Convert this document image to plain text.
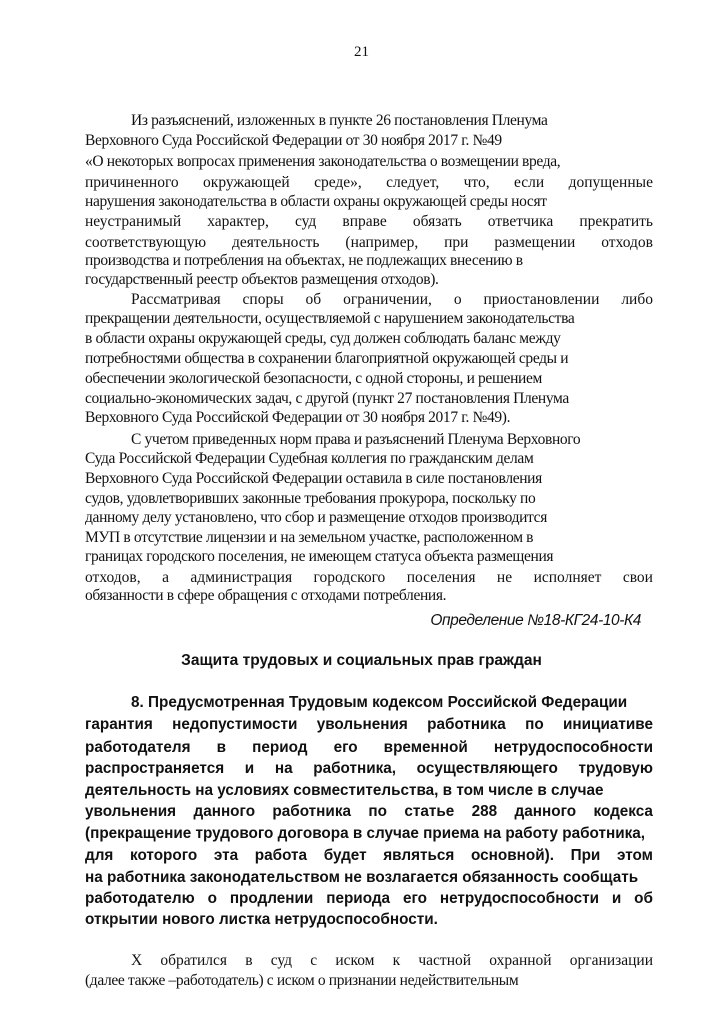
21

Из разъяснений, изложенных в пункте 26 постановления Пленума

Верховного Суда Российской Федерации от 30 ноября 2017 г. №49

«О некоторых вопросах применения законодательства о возмещении вреда,

причиненного окружающей среде», следует, что, если допущенные

нарушения законодательства в области охраны окружающей среды носят

неустранимый характер, суд вправе обязать ответчика прекратить

соответствующую деятельность (например, при размещении отходов

производства и потребления на объектах, не подлежащих внесению в

государственный реестр объектов размещения отходов).

Рассматривая споры об ограничении, о приостановлении либо

прекращении деятельности, осуществляемой с нарушением законодательства

в области охраны окружающей среды, суд должен соблюдать баланс между

потребностями общества в сохранении благоприятной окружающей среды и

обеспечении экологической безопасности, с одной стороны, и решением

социально-экономических задач, с другой (пункт 27 постановления Пленума

Верховного Суда Российской Федерации от 30 ноября 2017 г. №49).

С учетом приведенных норм права и разъяснений Пленума Верховного

Суда Российской Федерации Судебная коллегия по гражданским делам

Верховного Суда Российской Федерации оставила в силе постановления

судов, удовлетворивших законные требования прокурора, поскольку по

данному делу установлено, что сбор и размещение отходов производится

МУП в отсутствие лицензии и на земельном участке, расположенном в

границах городского поселения, не имеющем статуса объекта размещения

отходов, а администрация городского поселения не исполняет свои

обязанности в сфере обращения с отходами потребления.

Определение №18-КГ24-10-К4
Защита трудовых и социальных прав граждан

8. Предусмотренная Трудовым кодексом Российской Федерации

гарантия недопустимости увольнения работника по инициативе

работодателя в период его временной нетрудоспособности

распространяется и на работника, осуществляющего трудовую

деятельность на условиях совместительства, в том числе в случае

увольнения данного работника по статье 288 данного кодекса

(прекращение трудового договора в случае приема на работу работника,

для которого эта работа будет являться основной). При этом

на работника законодательством не возлагается обязанность сообщать

работодателю о продлении периода его нетрудоспособности и об

открытии нового листка нетрудоспособности.

Х обратился в суд с иском к частной охранной организации

(далее также –работодатель) с иском о признании недействительным
